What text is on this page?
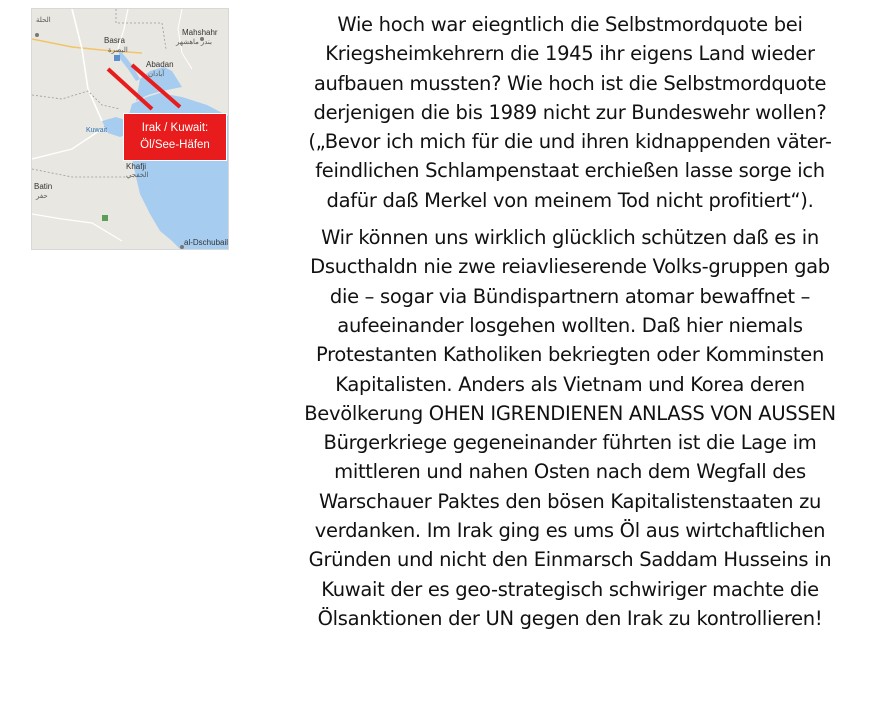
الحلة
Basra
البصرة
Mahshahr
بندر ماهشهر
Abadan
آبادان
Kuwait
Batin
حفر
Khafji
الخفجي
al-Dschubail
Irak / Kuwait:
Öl/See-Häfen

Wie hoch war eiegntlich die Selbstmordquote bei
Kriegsheimkehrern die 1945 ihr eigens Land wieder
aufbauen mussten? Wie hoch ist die Selbstmordquote
derjenigen die bis 1989 nicht zur Bundeswehr wollen?
(„Bevor ich mich für die und ihren kidnappenden väter-
feindlichen Schlampenstaat erchießen lasse sorge ich
dafür daß Merkel von meinem Tod nicht profitiert“).

Wir können uns wirklich glücklich schützen daß es in
Dsucthaldn nie zwe reiavlieserende Volks-gruppen gab
die – sogar via Bündispartnern atomar bewaffnet –
aufeeinander losgehen wollten. Daß hier niemals
Protestanten Katholiken bekriegten oder Komminsten
Kapitalisten. Anders als Vietnam und Korea deren
Bevölkerung OHEN IGRENDIENEN ANLASS VON AUSSEN
Bürgerkriege gegeneinander führten ist die Lage im
mittleren und nahen Osten nach dem Wegfall des
Warschauer Paktes den bösen Kapitalistenstaaten zu
verdanken. Im Irak ging es ums Öl aus wirtchaftlichen
Gründen und nicht den Einmarsch Saddam Husseins in
Kuwait der es geo-strategisch schwiriger machte die
Ölsanktionen der UN gegen den Irak zu kontrollieren!
